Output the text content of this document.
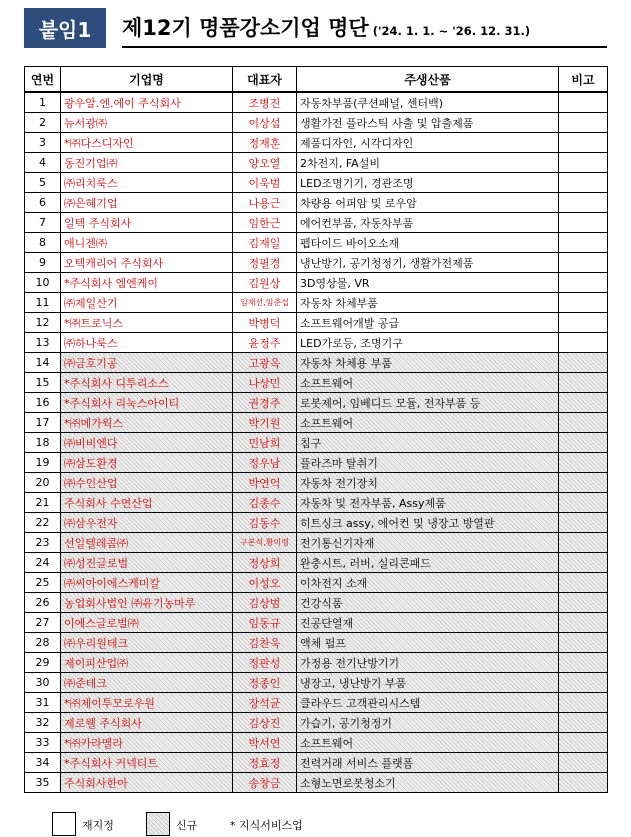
붙임1	제12기 명품강소기업 명단 ('24. 1. 1. ~ '26. 12. 31.)
연번	기업명	대표자	주생산품	비고
1	광우알.엔.에이 주식회사	조병진	자동차부품(쿠션패널, 센터백)	
2	뉴서광㈜	이상섭	생활가전 플라스틱 사출 및 압출제품	
3	*㈜다스디자인	정재훈	제품디자인, 시각디자인	
4	동진기업㈜	양오열	2차전지, FA설비	
5	㈜리치룩스	이욱범	LED조명기기, 경관조명	
6	㈜은혜기업	나용근	차량용 어퍼암 및 로우암	
7	일텍 주식회사	임한근	에어컨부품, 자동차부품	
8	애니젠㈜	김재일	펩타이드 바이오소재	
9	오텍캐리어 주식회사	정필경	냉난방기, 공기청정기, 생활가전제품	
10	*주식회사 엠엔케이	김원상	3D영상물, VR	
11	㈜제일산기	임채선,임춘섭	자동차 차체부품	
12	*㈜트로닉스	박병덕	소프트웨어개발 공급	
13	㈜하나룩스	윤정주	LED가로등, 조명기구	
14	㈜금호기공	고광옥	자동차 차체용 부품	
15	*주식회사 디투리소스	나상민	소프트웨어	
16	*주식회사 리눅스아이티	권경주	로봇제어, 임베디드 모듈, 전자부품 등	
17	*㈜메가웍스	박기원	소프트웨어	
18	㈜비비엔다	민남희	침구	
19	㈜삼도환경	정우남	플라즈마 탈취기	
20	㈜수인산업	박연억	자동차 전기장치	
21	주식회사 수연산업	김종수	자동차 및 전자부품, Assy제품	
22	㈜삼우전자	김동수	히트싱크 assy, 에어컨 및 냉장고 방열판	
23	선일텔레콤㈜	구본석,황미령	전기통신기자재	
24	㈜성진글로벌	정상희	완충시트, 러버, 실리콘패드	
25	㈜씨아이에스케미칼	이성오	이차전지 소재	
26	농업회사법인 ㈜유기농마루	김상범	건강식품	
27	이에스글로벌㈜	임동규	진공단열재	
28	㈜우리원테크	김찬욱	액체 펌프	
29	제이피산업㈜	정판성	가정용 전기난방기기	
30	㈜준테크	정종인	냉장고, 냉난방기 부품	
31	*㈜제이투모로우원	장석균	클라우드 고객관리시스템	
32	제로웰 주식회사	김상진	가습기, 공기청정기	
33	*㈜카라멜라	박서연	소프트웨어	
34	*주식회사 커넥티트	정효정	전력거래 서비스 플랫폼	
35	주식회사한아	송창금	소형노면로봇청소기	
재지정	신규	* 지식서비스업
